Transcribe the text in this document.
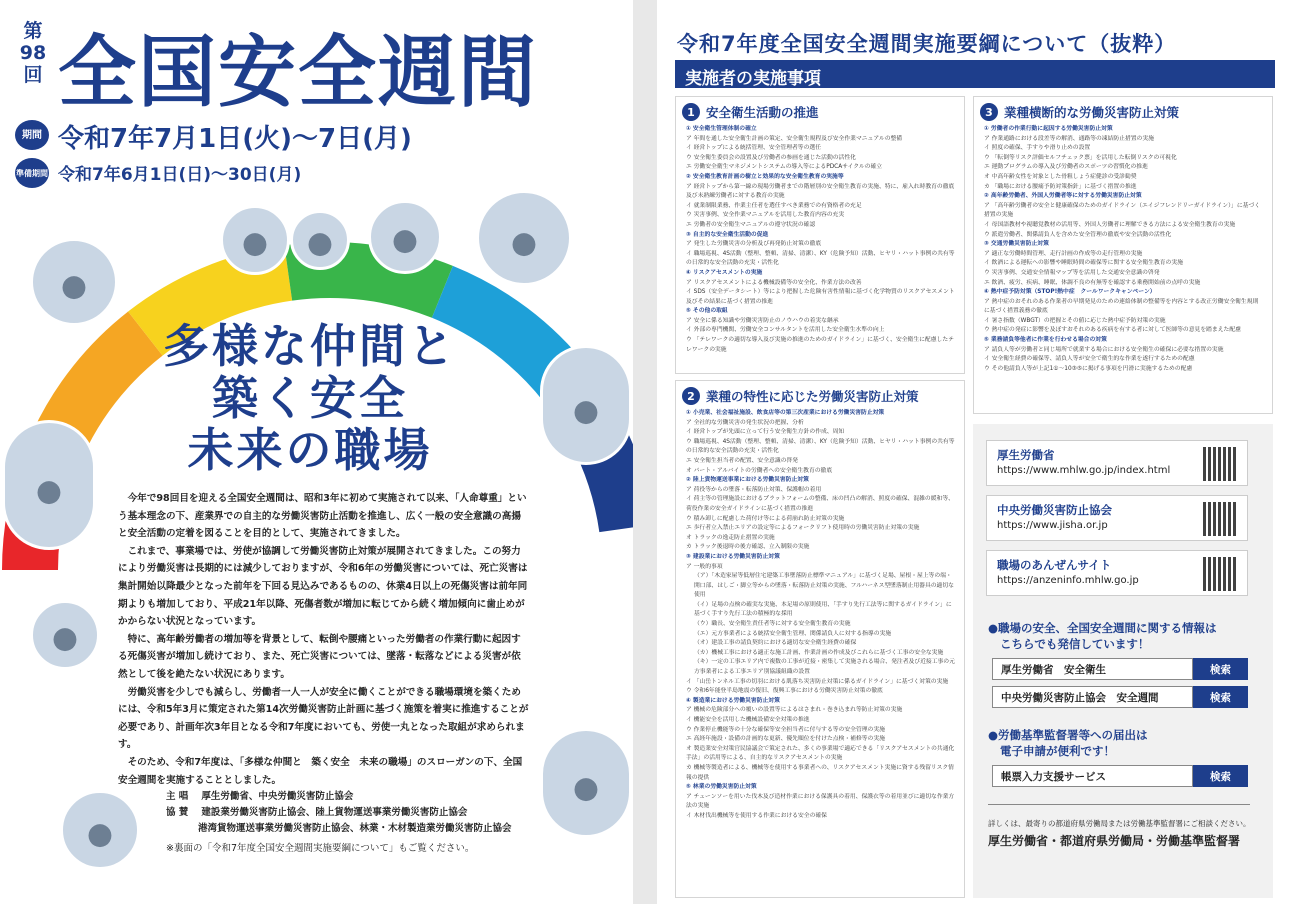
第98回 全国安全週間
期間 令和7年7月1日(火)〜7日(月)
準備期間 令和7年6月1日(日)〜30日(月)
●
● ● ●	●
●
●
●
●
●
多様な仲間と
築く安全
未来の職場

今年で98回目を迎える全国安全週間は、昭和3年に初めて実施されて以来、「人命尊重」という基本理念の下、産業界での自主的な労働災害防止活動を推進し、広く一般の安全意識の高揚と安全活動の定着を図ることを目的として、実施されてきました。

これまで、事業場では、労使が協調して労働災害防止対策が展開されてきました。この努力により労働災害は長期的には減少しておりますが、令和6年の労働災害については、死亡災害は集計開始以降最少となった前年を下回る見込みであるものの、休業4日以上の死傷災害は前年同期よりも増加しており、平成21年以降、死傷者数が増加に転じてから続く増加傾向に歯止めがかからない状況となっています。

特に、高年齢労働者の増加等を背景として、転倒や腰痛といった労働者の作業行動に起因する死傷災害が増加し続けており、また、死亡災害については、墜落・転落などによる災害が依然として後を絶たない状況にあります。

労働災害を少しでも減らし、労働者一人一人が安全に働くことができる職場環境を築くためには、令和5年3月に策定された第14次労働災害防止計画に基づく施策を着実に推進することが必要であり、計画年次3年目となる令和7年度においても、労使一丸となった取組が求められます。

そのため、令和7年度は、「多様な仲間と　築く安全　未来の職場」のスローガンの下、全国安全週間を実施することとしました。

主 唱 厚生労働省、中央労働災害防止協会
協 賛 建設業労働災害防止協会、陸上貨物運送事業労働災害防止協会
港湾貨物運送事業労働災害防止協会、林業・木材製造業労働災害防止協会
※裏面の「令和7年度全国安全週間実施要綱について」もご覧ください。
令和7年度全国安全週間実施要綱について（抜粋）
実施者の実施事項
1 安全衛生活動の推進
① 安全衛生管理体制の確立
ア 年間を通した安全衛生計画の策定、安全衛生規程及び安全作業マニュアルの整備
イ 経営トップによる統括管理、安全管理者等の選任
ウ 安全衛生委員会の設置及び労働者の参画を通じた活動の活性化
エ 労働安全衛生マネジメントシステムの導入等によるPDCAサイクルの確立
② 安全衛生教育計画の樹立と効果的な安全衛生教育の実施等
ア 経営トップから第一線の現場労働者までの階層別の安全衛生教育の実施、特に、雇入れ時教育の徹底及び未熟練労働者に対する教育の実施
イ 就業制限業務、作業主任者を選任すべき業務での有資格者の充足
ウ 災害事例、安全作業マニュアルを活用した教育内容の充実
エ 労働者の安全衛生マニュアルの遵守状況の確認
③ 自主的な安全衛生活動の促進
ア 発生した労働災害の分析及び再発防止対策の徹底
イ 職場巡視、4S活動（整理、整頓、清掃、清潔）、KY（危険予知）活動、ヒヤリ・ハット事例の共有等の日常的な安全活動の充実・活性化
④ リスクアセスメントの実施
ア リスクアセスメントによる機械設備等の安全化、作業方法の改善
イ SDS（安全データシート）等により把握した危険有害性情報に基づく化学物質のリスクアセスメント及びその結果に基づく措置の推進
⑤ その他の取組
ア 安全に係る知識や労働災害防止のノウハウの着実な継承
イ 外部の専門機関、労働安全コンサルタントを活用した安全衛生水準の向上
ウ 「テレワークの適切な導入及び実施の推進のためのガイドライン」に基づく、安全衛生に配慮したテレワークの実施
2 業種の特性に応じた労働災害防止対策
① 小売業、社会福祉施設、飲食店等の第三次産業における労働災害防止対策
ア 全社的な労働災害の発生状況の把握、分析
イ 経営トップが先頭に立って行う安全衛生方針の作成、周知
ウ 職場巡視、4S活動（整理、整頓、清掃、清潔）、KY（危険予知）活動、ヒヤリ・ハット事例の共有等の日常的な安全活動の充実・活性化
エ 安全衛生担当者の配置、安全意識の啓発
オ パート・アルバイトの労働者への安全衛生教育の徹底
② 陸上貨物運送事業における労働災害防止対策
ア 荷役等からの墜落・転落防止対策、保護帽の着用
イ 荷主等の管理施設におけるプラットフォームの整備、床の凹凸の解消、照度の確保、混雑の緩和等、荷役作業の安全ガイドラインに基づく措置の推進
ウ 積み卸しに配慮した荷付け等による荷崩れ防止対策の実施
エ 歩行者立入禁止エリアの設定等によるフォークリフト使用時の労働災害防止対策の実施
オ トラックの逸走防止措置の実施
カ トラック後退時の後方確認、立入制限の実施
③ 建設業における労働災害防止対策
ア 一般的事項
（ア）「木造家屋等低層住宅建築工事墜落防止標準マニュアル」に基づく足場、屋根・屋上等の端・開口部、はしご・脚立等からの墜落・転落防止対策の実施、フルハーネス型墜落制止用器具の適切な使用
（イ）足場の点検の確実な実施、本足場の原則使用、「手すり先行工法等に関するガイドライン」に基づく手すり先行工法の積極的な採用
（ウ）職長、安全衛生責任者等に対する安全衛生教育の実施
（エ）元方事業者による統括安全衛生管理、関係請負人に対する指導の実施
（オ）建設工事の請負契約における適切な安全衛生経費の確保
（カ）機械工事における適正な施工計画、作業計画の作成及びこれらに基づく工事の安全な実施
（キ）一定の工事エリア内で複数の工事が近接・密集して実施される場合、発注者及び近接工事の元方事業者による工事エリア別協議組織の設置
イ 「山岳トンネル工事の切羽における肌落ち災害防止対策に係るガイドライン」に基づく対策の実施
ウ 令和6年能登半島地震の復旧、復興工事における労働災害防止対策の徹底
④ 製造業における労働災害防止対策
ア 機械の危険部分への覆いの設置等によるはさまれ・巻き込まれ等防止対策の実施
イ 機能安全を活用した機械設備安全対策の推進
ウ 作業停止機能等の十分な確保等安全担当者に付与する等の安全管理の実施
エ 高経年施設・設備の計画的な更新、優先順位を付けた点検・補修等の実施
オ 製造業安全対策官民協議会で策定された、多くの事業場で適応できる「リスクアセスメントの共通化手法」の活用等による、自主的なリスクアセスメントの実施
カ 機械等製造者による、機械等を使用する事業者への、リスクアセスメント実施に資する残留リスク情報の提供
⑤ 林業の労働災害防止対策
ア チェーンソーを用いた伐木及び造材作業における保護具の着用、保護衣等の着用並びに適切な作業方法の実施
イ 木材伐出機械等を使用する作業における安全の確保
3 業種横断的な労働災害防止対策
① 労働者の作業行動に起因する労働災害防止対策
ア 作業通路における段差等の解消、通路等の凍結防止措置の実施
イ 照度の確保、手すりや滑り止めの設置
ウ 「転倒等リスク評価セルフチェック票」を活用した転倒リスクの可視化
エ 運動プログラムの導入及び労働者のスポーツの習慣化の推進
オ 中高年齢女性を対象とした骨粗しょう症健診の受診勧奨
カ 「職場における腰痛予防対策指針」に基づく措置の推進
② 高年齢労働者、外国人労働者等に対する労働災害防止対策
ア 「高年齢労働者の安全と健康確保のためのガイドライン（エイジフレンドリーガイドライン）」に基づく措置の実施
イ 母国語教材や視聴覚教材の活用等、外国人労働者に理解できる方法による安全衛生教育の実施
ウ 派遣労働者、関係請負人を含めた安全管理の徹底や安全活動の活性化
③ 交通労働災害防止対策
ア 適正な労働時間管理、走行計画の作成等の走行管理の実施
イ 飲酒による運転への影響や睡眠時間の確保等に関する安全衛生教育の実施
ウ 災害事例、交通安全情報マップ等を活用した交通安全意識の啓発
エ 飲酒、疲労、疾病、睡眠、体調不良の有無等を確認する乗務開始前の点呼の実施
④ 熱中症予防対策（STOP!熱中症　クールワークキャンペーン）
ア 熱中症のおそれのある作業者の早期発見のための連絡体制の整備等を内容とする改正労働安全衛生規則に基づく措置義務の徹底
イ 暑さ指数（WBGT）の把握とその値に応じた熱中症予防対策の実施
ウ 熱中症の発症に影響を及ぼすおそれのある疾病を有する者に対して医師等の意見を踏まえた配慮
⑤ 業務請負等他者に作業を行わせる場合の対策
ア 請負人等が労働者と同じ場所で就業する場合における安全衛生の確保に必要な措置の実施
イ 安全衛生経費の確保等、請負人等が安全で衛生的な作業を遂行するための配慮
ウ その他請負人等が上記1①～10③⑤に掲げる事項を円滑に実施するための配慮
厚生労働省
https://www.mhlw.go.jp/index.html
中央労働災害防止協会
https://www.jisha.or.jp
職場のあんぜんサイト
https://anzeninfo.mhlw.go.jp
●職場の安全、全国安全週間に関する情報は
こちらでも発信しています！
厚生労働省　安全衛生	検索
中央労働災害防止協会　安全週間	検索
●労働基準監督署等への届出は
電子申請が便利です！
帳票入力支援サービス	検索
詳しくは、最寄りの都道府県労働局または労働基準監督署にご相談ください。
厚生労働省・都道府県労働局・労働基準監督署
